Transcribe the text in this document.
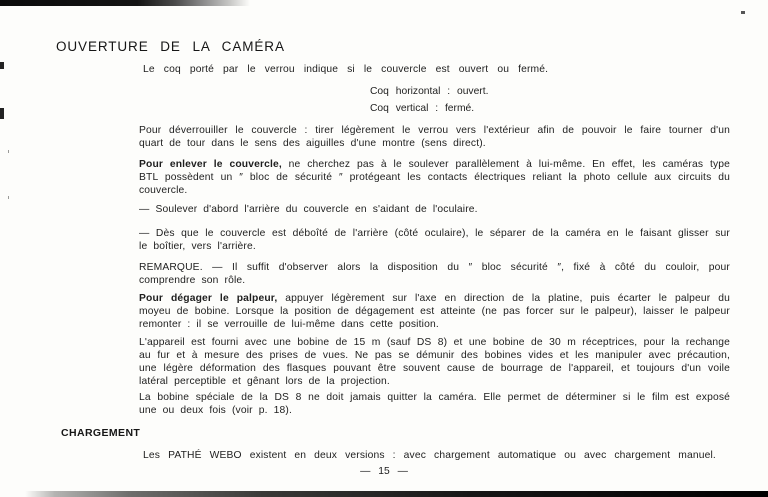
OUVERTURE DE LA CAMÉRA
Le coq porté par le verrou indique si le couvercle est ouvert ou fermé.
Coq horizontal : ouvert.
Coq vertical : fermé.
Pour déverrouiller le couvercle : tirer légèrement le verrou vers l'extérieur afin de pouvoir le faire tourner d'un quart de tour dans le sens des aiguilles d'une montre (sens direct).
Pour enlever le couvercle, ne cherchez pas à le soulever parallèlement à lui-même. En effet, les caméras type BTL possèdent un ″ bloc de sécurité ″ protégeant les contacts électriques reliant la photo cellule aux circuits du couvercle.
— Soulever d'abord l'arrière du couvercle en s'aidant de l'oculaire.
— Dès que le couvercle est déboîté de l'arrière (côté oculaire), le séparer de la caméra en le faisant glisser sur le boîtier, vers l'arrière.
REMARQUE. — Il suffit d'observer alors la disposition du ″ bloc sécurité ″, fixé à côté du couloir, pour comprendre son rôle.
Pour dégager le palpeur, appuyer légèrement sur l'axe en direction de la platine, puis écarter le palpeur du moyeu de bobine. Lorsque la position de dégagement est atteinte (ne pas forcer sur le palpeur), laisser le palpeur remonter : il se verrouille de lui-même dans cette position.
L'appareil est fourni avec une bobine de 15 m (sauf DS 8) et une bobine de 30 m réceptrices, pour la rechange au fur et à mesure des prises de vues. Ne pas se démunir des bobines vides et les manipuler avec précaution, une légère déformation des flasques pouvant être souvent cause de bourrage de l'appareil, et toujours d'un voile latéral perceptible et gênant lors de la projection.
La bobine spéciale de la DS 8 ne doit jamais quitter la caméra. Elle permet de déterminer si le film est exposé une ou deux fois (voir p. 18).
CHARGEMENT
Les PATHÉ WEBO existent en deux versions : avec chargement automatique ou avec chargement manuel.
— 15 —
